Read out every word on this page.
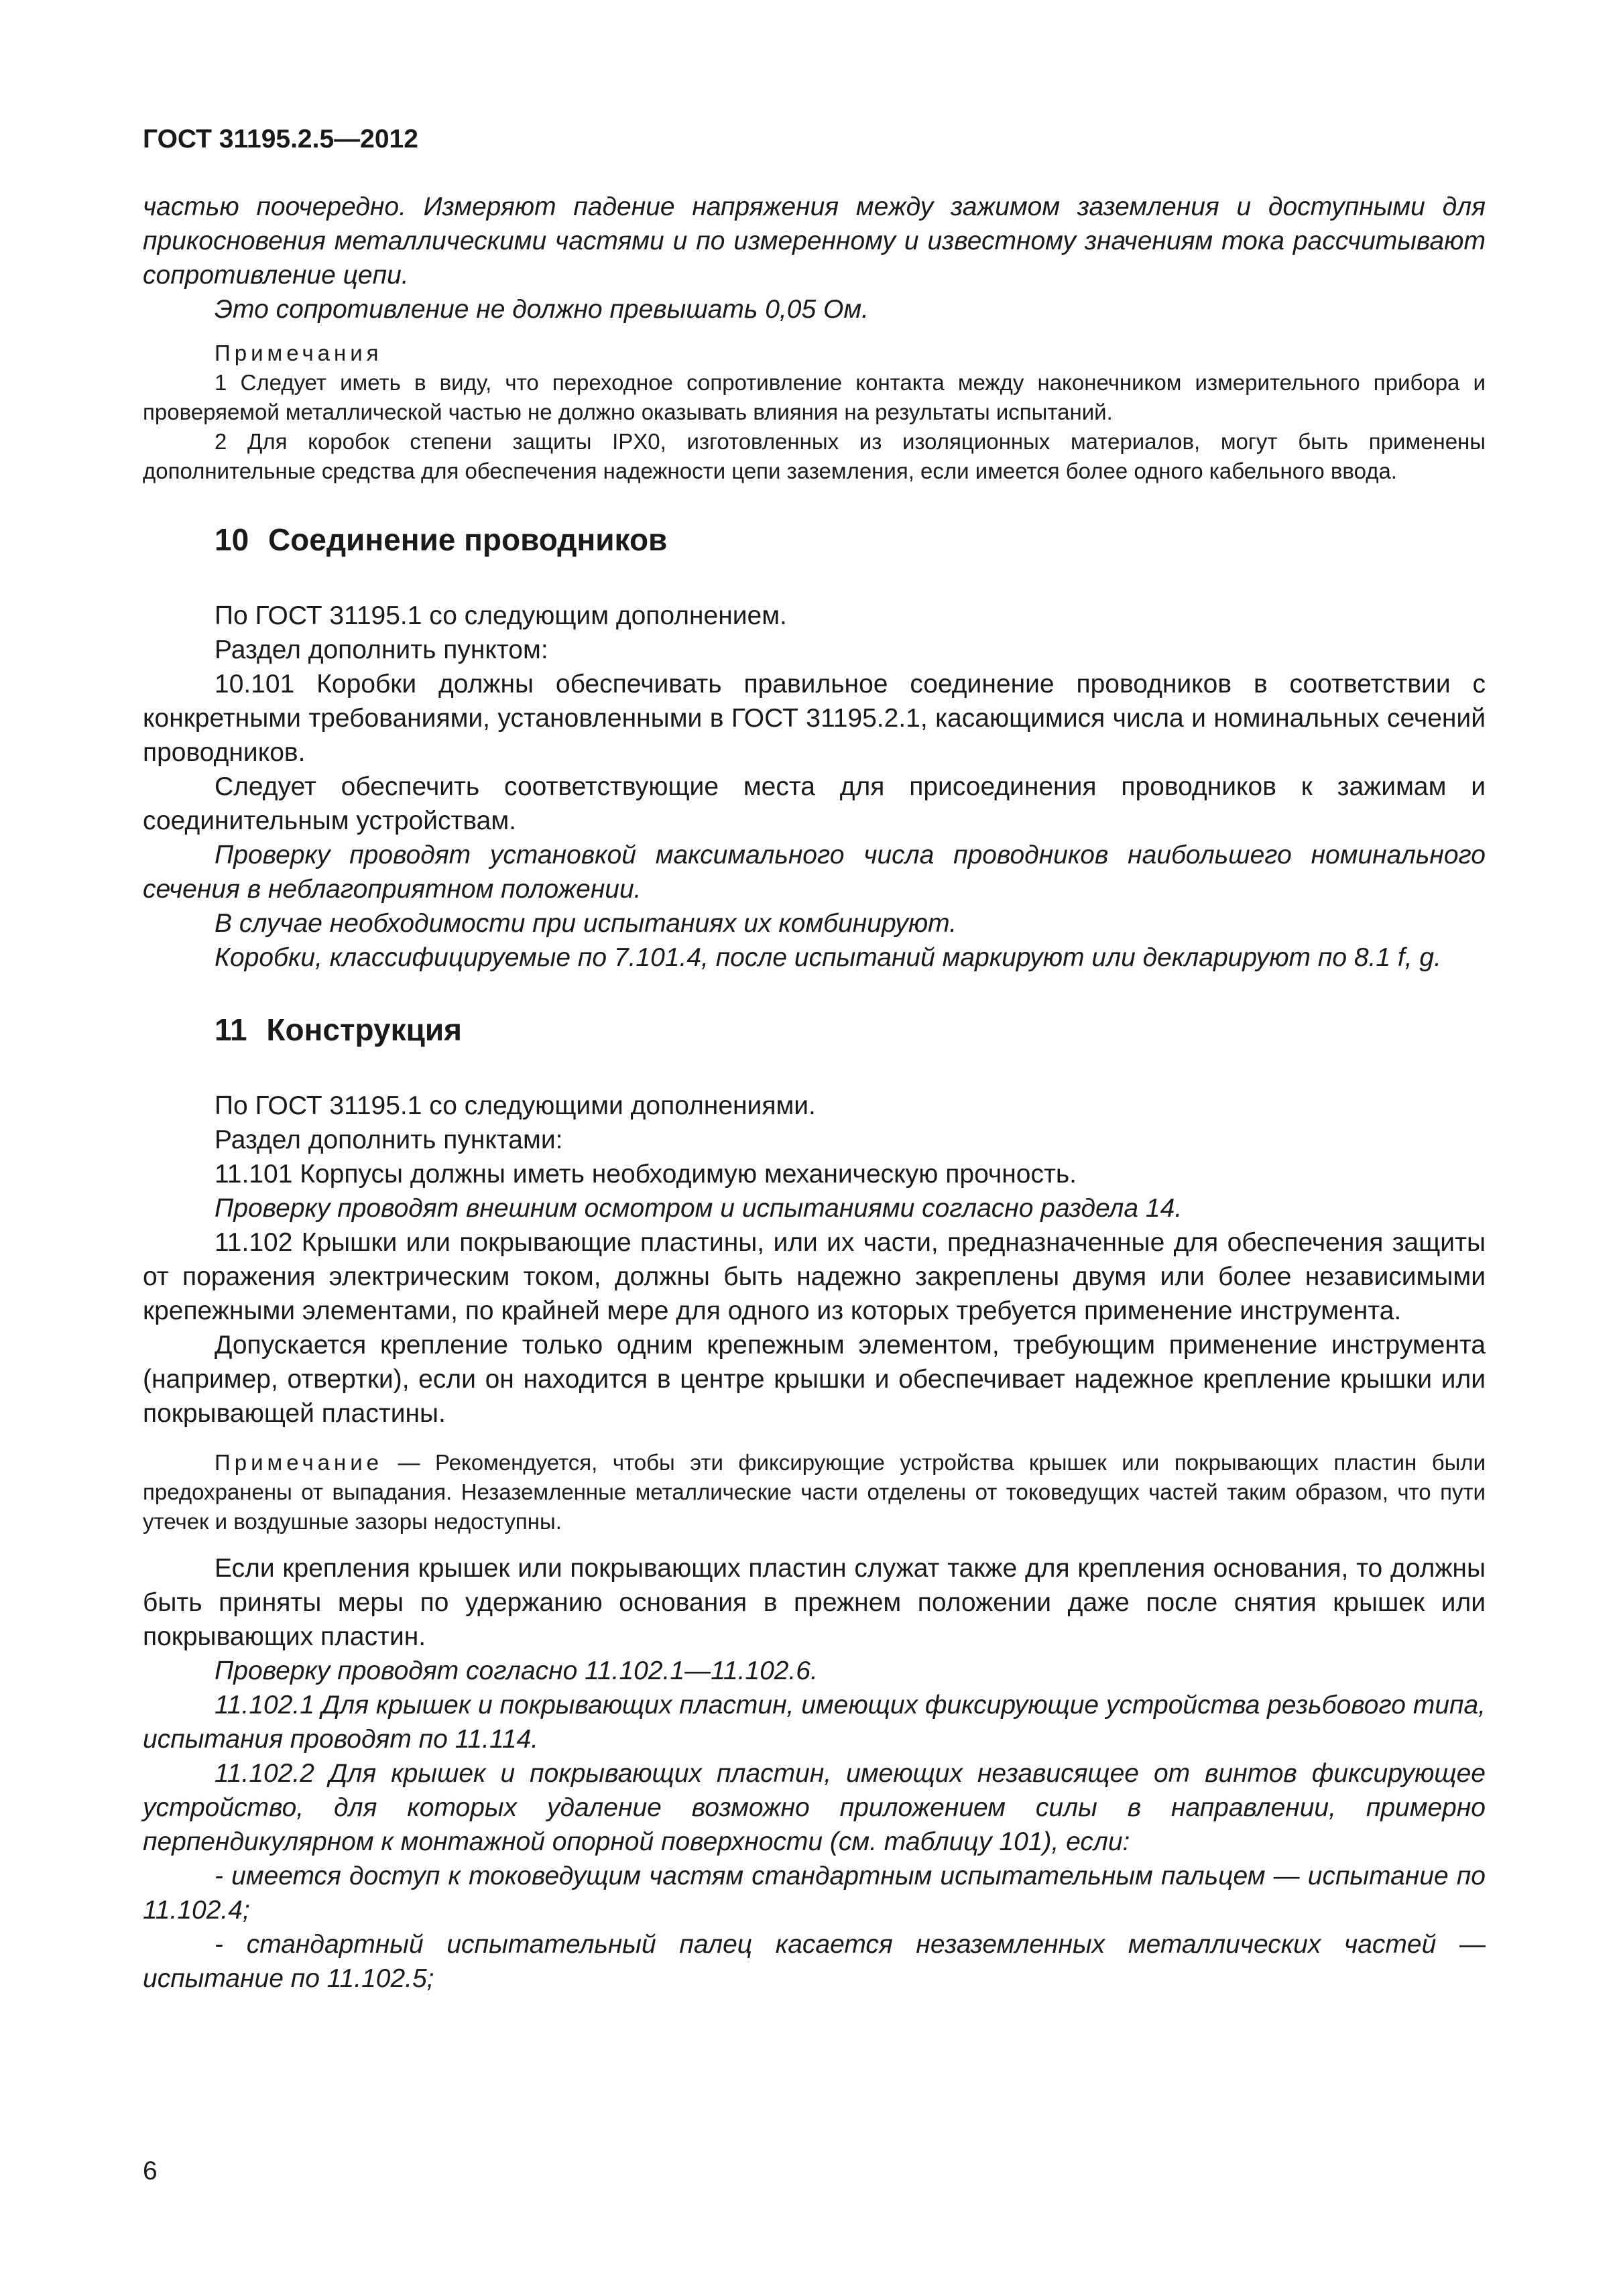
ГОСТ 31195.2.5—2012

частью поочередно. Измеряют падение напряжения между зажимом заземления и доступными для прикосновения металлическими частями и по измеренному и известному значениям тока рассчитывают сопротивление цепи.

Это сопротивление не должно превышать 0,05 Ом.

Примечания

1 Следует иметь в виду, что переходное сопротивление контакта между наконечником измерительного прибора и проверяемой металлической частью не должно оказывать влияния на результаты испытаний.

2 Для коробок степени защиты IPX0, изготовленных из изоляционных материалов, могут быть применены дополнительные средства для обеспечения надежности цепи заземления, если имеется более одного кабельного ввода.

10 Соединение проводников

По ГОСТ 31195.1 со следующим дополнением.

Раздел дополнить пунктом:

10.101 Коробки должны обеспечивать правильное соединение проводников в соответствии с конкретными требованиями, установленными в ГОСТ 31195.2.1, касающимися числа и номинальных сечений проводников.

Следует обеспечить соответствующие места для присоединения проводников к зажимам и соединительным устройствам.

Проверку проводят установкой максимального числа проводников наибольшего номинального сечения в неблагоприятном положении.

В случае необходимости при испытаниях их комбинируют.

Коробки, классифицируемые по 7.101.4, после испытаний маркируют или декларируют по 8.1 f, g.

11 Конструкция

По ГОСТ 31195.1 со следующими дополнениями.

Раздел дополнить пунктами:

11.101 Корпусы должны иметь необходимую механическую прочность.

Проверку проводят внешним осмотром и испытаниями согласно раздела 14.

11.102 Крышки или покрывающие пластины, или их части, предназначенные для обеспечения защиты от поражения электрическим током, должны быть надежно закреплены двумя или более независимыми крепежными элементами, по крайней мере для одного из которых требуется применение инструмента.

Допускается крепление только одним крепежным элементом, требующим применение инструмента (например, отвертки), если он находится в центре крышки и обеспечивает надежное крепление крышки или покрывающей пластины.

Примечание — Рекомендуется, чтобы эти фиксирующие устройства крышек или покрывающих пластин были предохранены от выпадания. Незаземленные металлические части отделены от токоведущих частей таким образом, что пути утечек и воздушные зазоры недоступны.

Если крепления крышек или покрывающих пластин служат также для крепления основания, то должны быть приняты меры по удержанию основания в прежнем положении даже после снятия крышек или покрывающих пластин.

Проверку проводят согласно 11.102.1—11.102.6.

11.102.1 Для крышек и покрывающих пластин, имеющих фиксирующие устройства резьбового типа, испытания проводят по 11.114.

11.102.2 Для крышек и покрывающих пластин, имеющих независящее от винтов фиксирующее устройство, для которых удаление возможно приложением силы в направлении, примерно перпендикулярном к монтажной опорной поверхности (см. таблицу 101), если:

- имеется доступ к токоведущим частям стандартным испытательным пальцем — испытание по 11.102.4;

- стандартный испытательный палец касается незаземленных металлических частей — испытание по 11.102.5;

6
